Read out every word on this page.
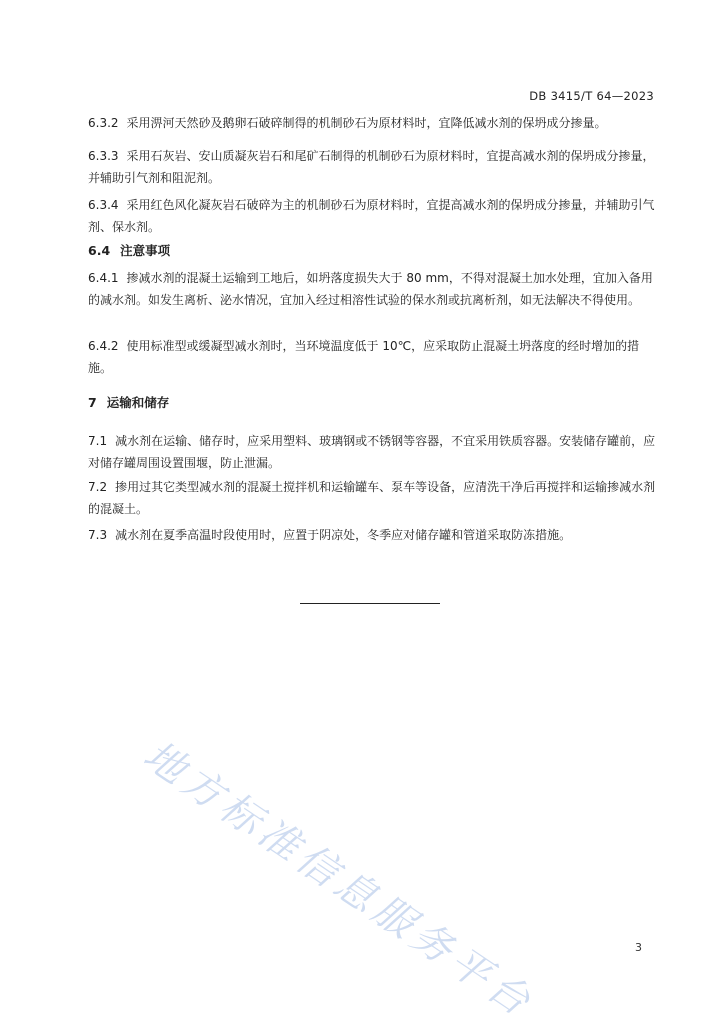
DB 3415/T 64—2023

6.3.2 采用淠河天然砂及鹅卵石破碎制得的机制砂石为原材料时，宜降低减水剂的保坍成分掺量。

6.3.3 采用石灰岩、安山质凝灰岩石和尾矿石制得的机制砂石为原材料时，宜提高减水剂的保坍成分掺量，并辅助引气剂和阻泥剂。

6.3.4 采用红色风化凝灰岩石破碎为主的机制砂石为原材料时，宜提高减水剂的保坍成分掺量，并辅助引气剂、保水剂。

6.4 注意事项

6.4.1 掺减水剂的混凝土运输到工地后，如坍落度损失大于 80 mm，不得对混凝土加水处理，宜加入备用的减水剂。如发生离析、泌水情况，宜加入经过相溶性试验的保水剂或抗离析剂，如无法解决不得使用。

6.4.2 使用标准型或缓凝型减水剂时，当环境温度低于 10℃，应采取防止混凝土坍落度的经时增加的措施。

7 运输和储存

7.1 减水剂在运输、储存时，应采用塑料、玻璃钢或不锈钢等容器，不宜采用铁质容器。安装储存罐前，应对储存罐周围设置围堰，防止泄漏。

7.2 掺用过其它类型减水剂的混凝土搅拌机和运输罐车、泵车等设备，应清洗干净后再搅拌和运输掺减水剂的混凝土。

7.3 减水剂在夏季高温时段使用时，应置于阴凉处，冬季应对储存罐和管道采取防冻措施。

地方标准信息服务平台	3
